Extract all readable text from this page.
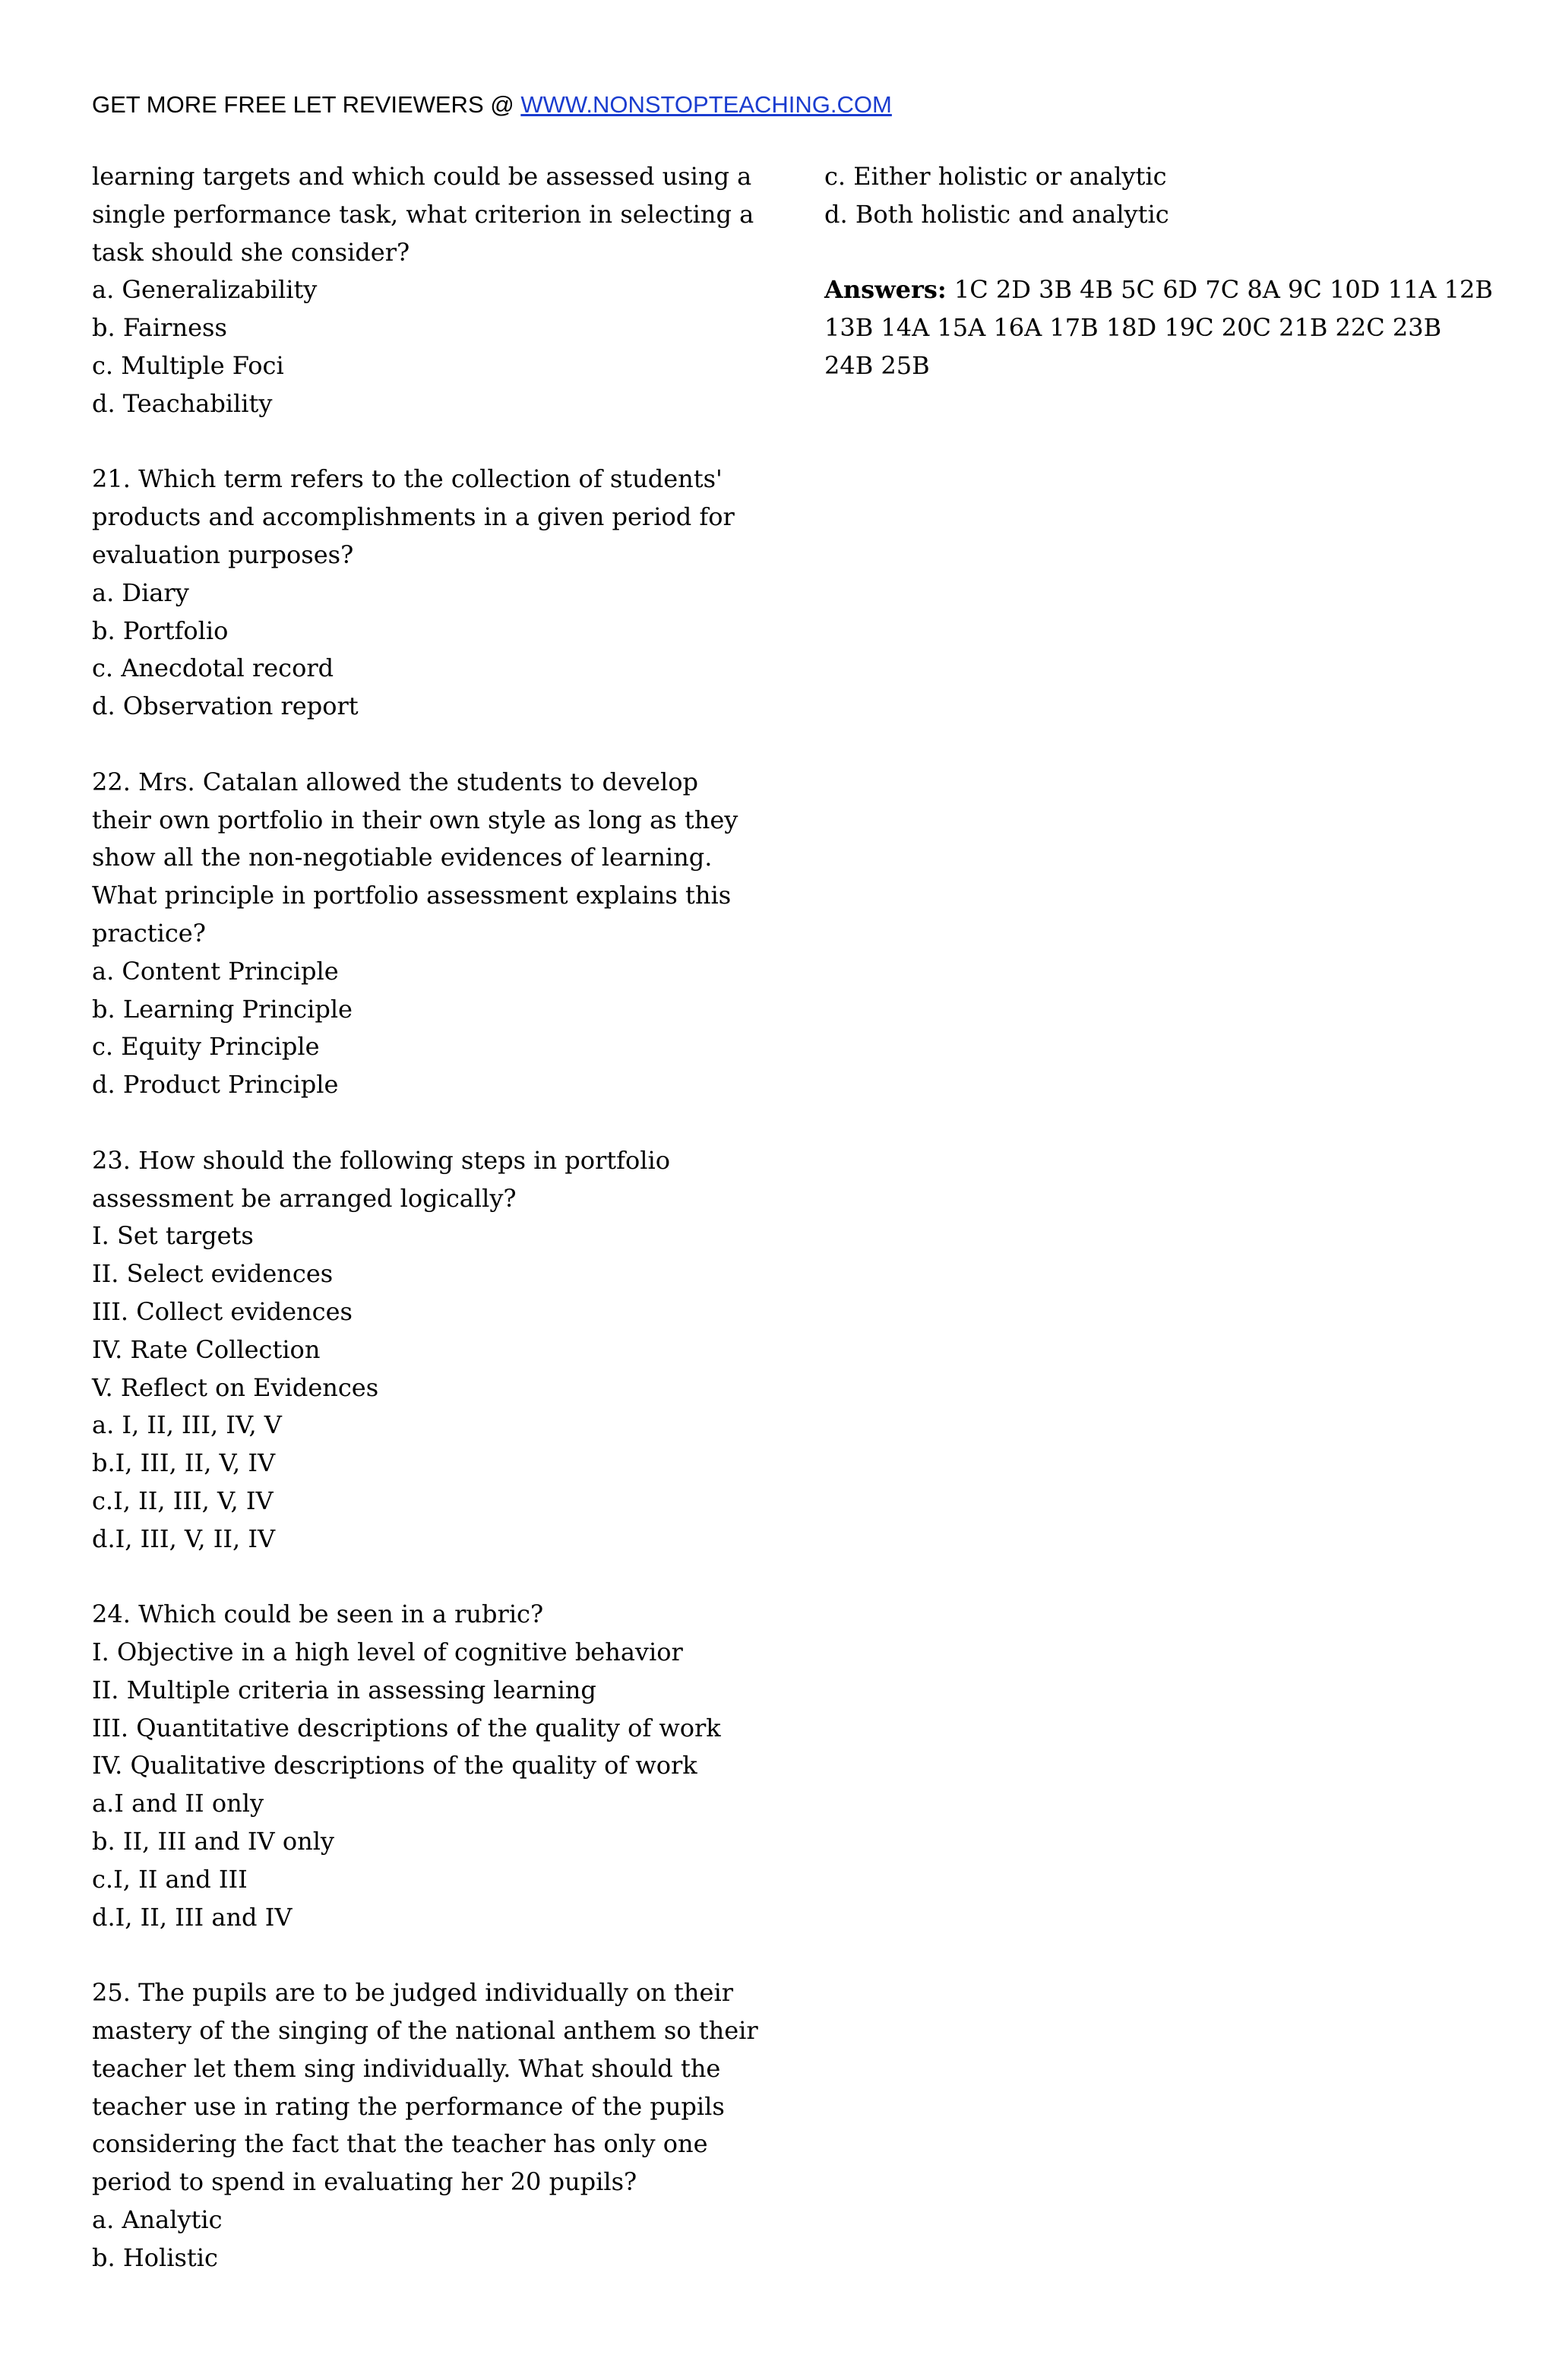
GET MORE FREE LET REVIEWERS @ WWW.NONSTOPTEACHING.COM
learning targets and which could be assessed using a
single performance task, what criterion in selecting a
task should she consider?
a. Generalizability
b. Fairness
c. Multiple Foci
d. Teachability
21. Which term refers to the collection of students'
products and accomplishments in a given period for
evaluation purposes?
a. Diary
b. Portfolio
c. Anecdotal record
d. Observation report
22. Mrs. Catalan allowed the students to develop
their own portfolio in their own style as long as they
show all the non-negotiable evidences of learning.
What principle in portfolio assessment explains this
practice?
a. Content Principle
b. Learning Principle
c. Equity Principle
d. Product Principle
23. How should the following steps in portfolio
assessment be arranged logically?
I. Set targets
II. Select evidences
III. Collect evidences
IV. Rate Collection
V. Reflect on Evidences
a. I, II, III, IV, V
b.I, III, II, V, IV
c.I, II, III, V, IV
d.I, III, V, II, IV
24. Which could be seen in a rubric?
I. Objective in a high level of cognitive behavior
II. Multiple criteria in assessing learning
III. Quantitative descriptions of the quality of work
IV. Qualitative descriptions of the quality of work
a.I and II only
b. II, III and IV only
c.I, II and III
d.I, II, III and IV
25. The pupils are to be judged individually on their
mastery of the singing of the national anthem so their
teacher let them sing individually. What should the
teacher use in rating the performance of the pupils
considering the fact that the teacher has only one
period to spend in evaluating her 20 pupils?
a. Analytic
b. Holistic
c. Either holistic or analytic
d. Both holistic and analytic
Answers: 1C 2D 3B 4B 5C 6D 7C 8A 9C 10D 11A 12B
13B 14A 15A 16A 17B 18D 19C 20C 21B 22C 23B
24B 25B
